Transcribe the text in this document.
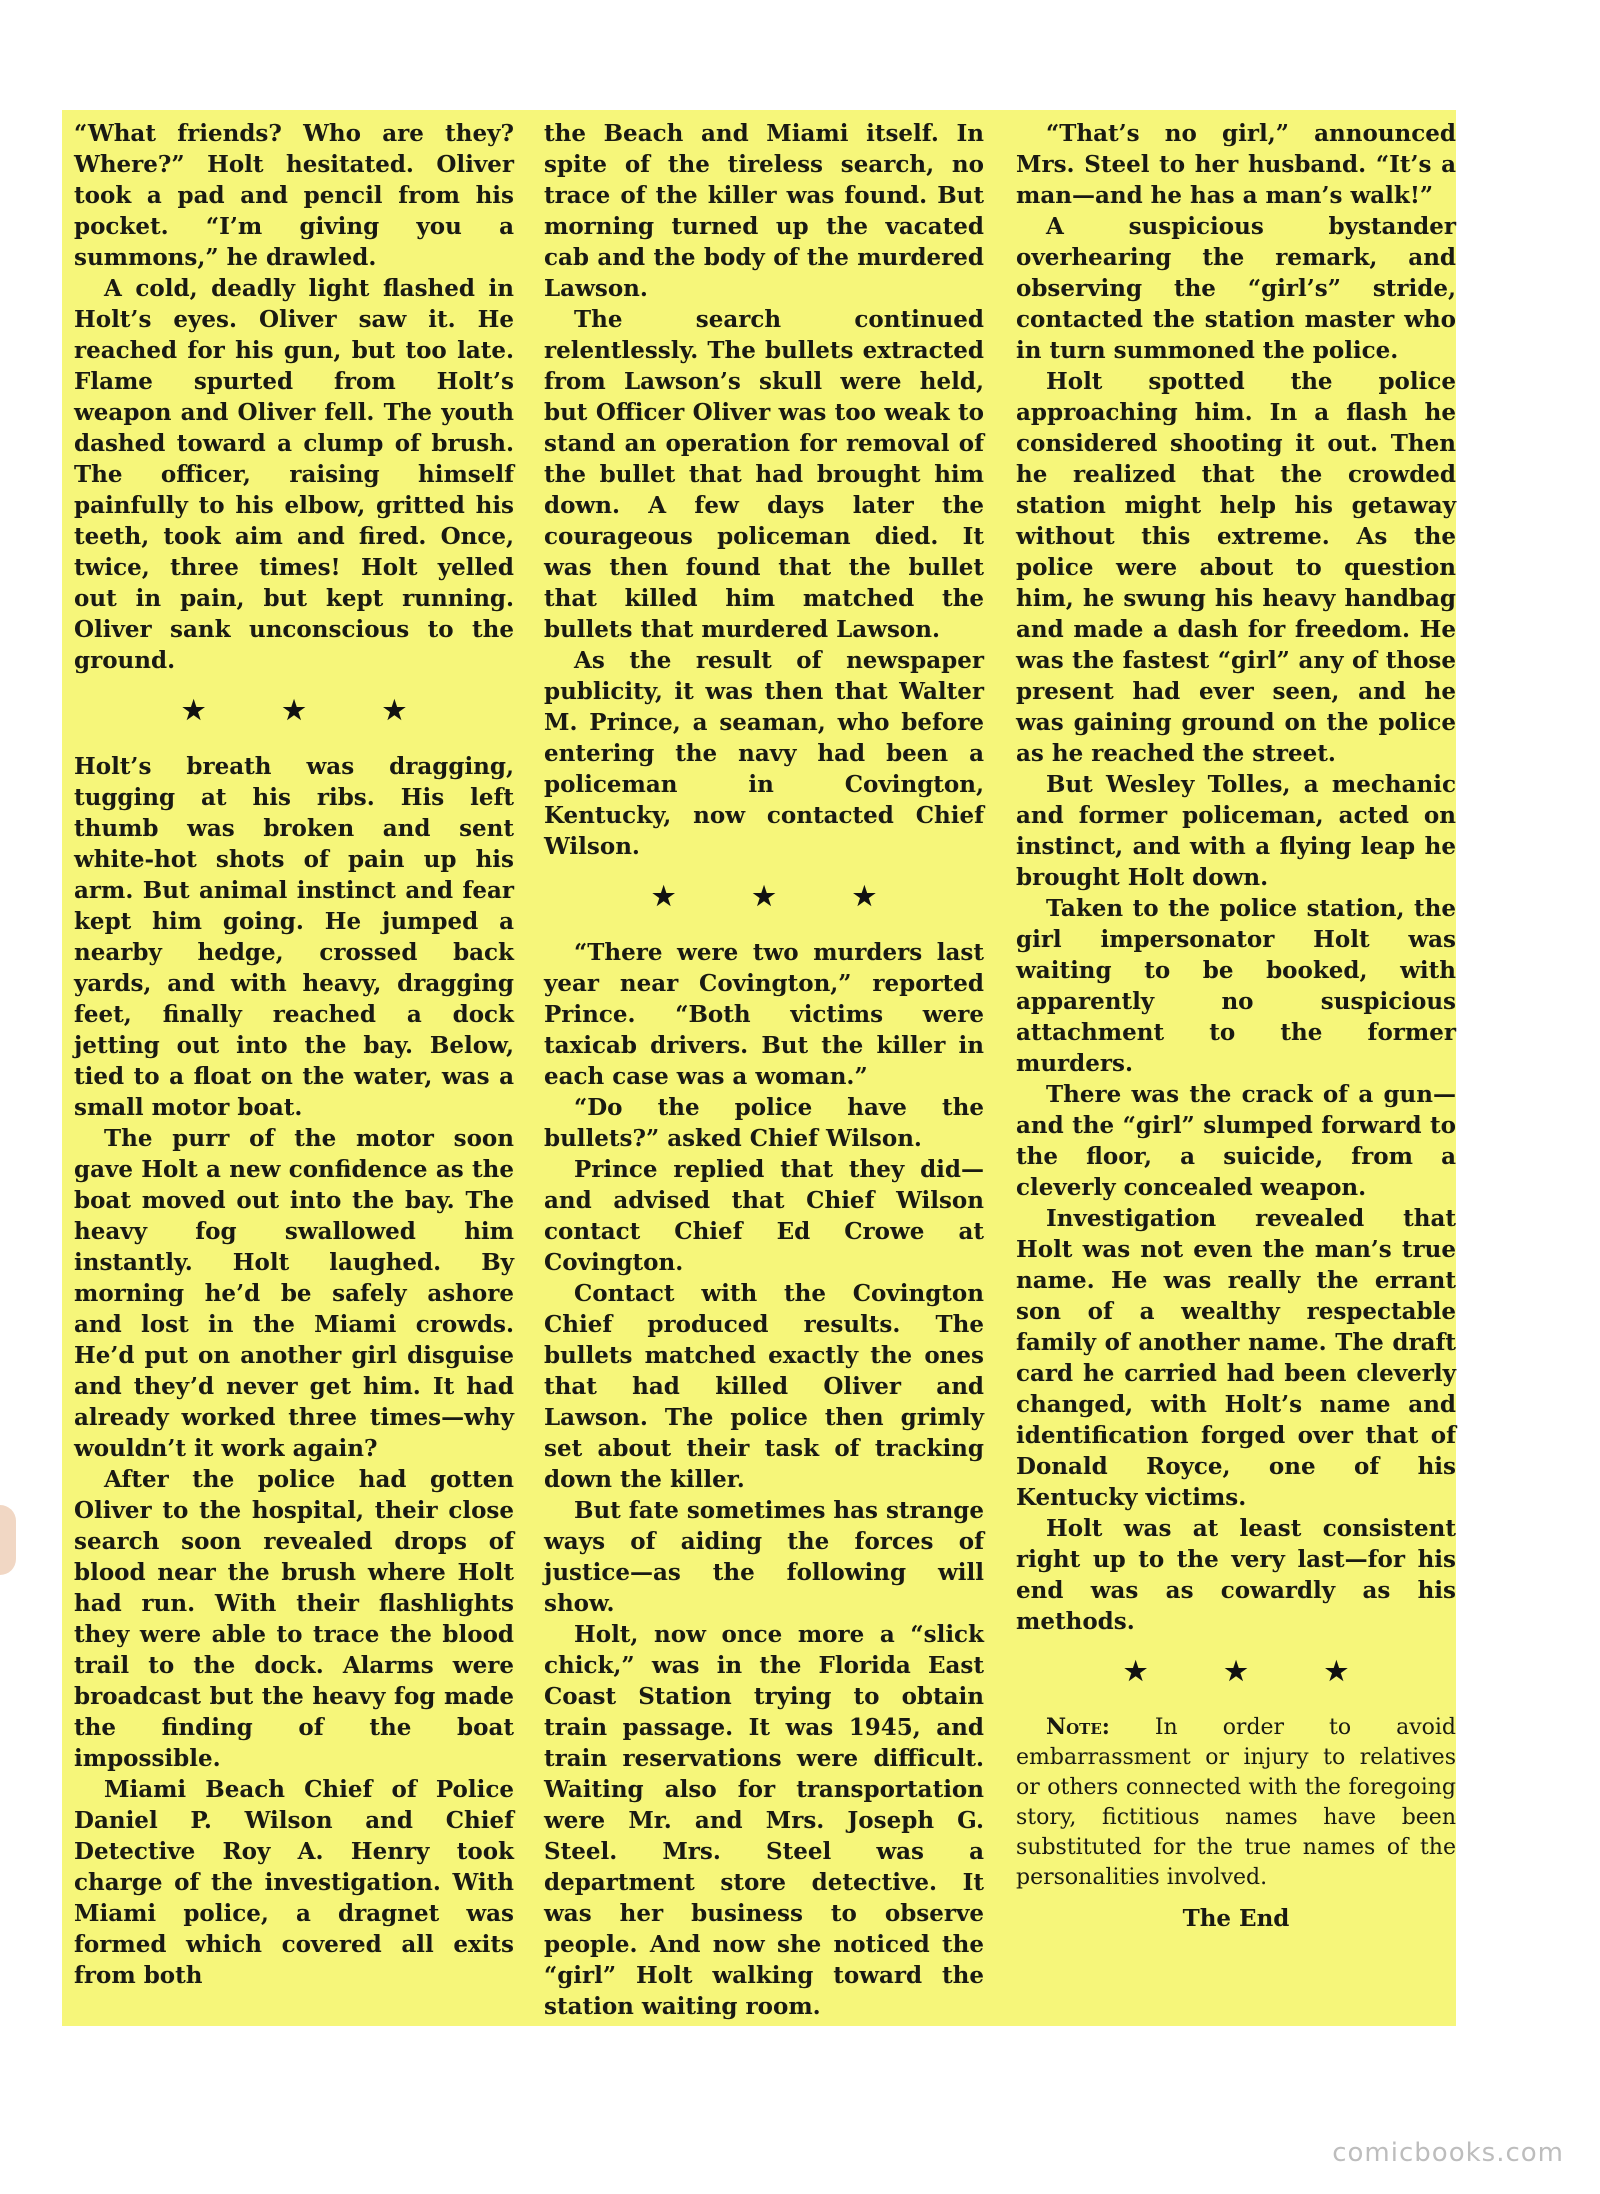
“What friends? Who are they? Where?” Holt hesitated. Oliver took a pad and pencil from his pocket. “I’m giving you a summons,” he drawled.

A cold, deadly light flashed in Holt’s eyes. Oliver saw it. He reached for his gun, but too late. Flame spurted from Holt’s weapon and Oliver fell. The youth dashed toward a clump of brush. The officer, raising himself painfully to his elbow, gritted his teeth, took aim and fired. Once, twice, three times! Holt yelled out in pain, but kept running. Oliver sank unconscious to the ground.

★ ★ ★

Holt’s breath was dragging, tugging at his ribs. His left thumb was broken and sent white-hot shots of pain up his arm. But animal instinct and fear kept him going. He jumped a nearby hedge, crossed back yards, and with heavy, dragging feet, finally reached a dock jetting out into the bay. Below, tied to a float on the water, was a small motor boat.

The purr of the motor soon gave Holt a new confidence as the boat moved out into the bay. The heavy fog swallowed him instantly. Holt laughed. By morning he’d be safely ashore and lost in the Miami crowds. He’d put on another girl disguise and they’d never get him. It had already worked three times—why wouldn’t it work again?

After the police had gotten Oliver to the hospital, their close search soon revealed drops of blood near the brush where Holt had run. With their flashlights they were able to trace the blood trail to the dock. Alarms were broadcast but the heavy fog made the finding of the boat impossible.

Miami Beach Chief of Police Daniel P. Wilson and Chief Detective Roy A. Henry took charge of the investigation. With Miami police, a dragnet was formed which covered all exits from both

the Beach and Miami itself. In spite of the tireless search, no trace of the killer was found. But morning turned up the vacated cab and the body of the murdered Lawson.

The search continued relentlessly. The bullets extracted from Lawson’s skull were held, but Officer Oliver was too weak to stand an operation for removal of the bullet that had brought him down. A few days later the courageous policeman died. It was then found that the bullet that killed him matched the bullets that murdered Lawson.

As the result of newspaper publicity, it was then that Walter M. Prince, a seaman, who before entering the navy had been a policeman in Covington, Kentucky, now contacted Chief Wilson.

★ ★ ★

“There were two murders last year near Covington,” reported Prince. “Both victims were taxicab drivers. But the killer in each case was a woman.”

“Do the police have the bullets?” asked Chief Wilson.

Prince replied that they did—and advised that Chief Wilson contact Chief Ed Crowe at Covington.

Contact with the Covington Chief produced results. The bullets matched exactly the ones that had killed Oliver and Lawson. The police then grimly set about their task of tracking down the killer.

But fate sometimes has strange ways of aiding the forces of justice—as the following will show.

Holt, now once more a “slick chick,” was in the Florida East Coast Station trying to obtain train passage. It was 1945, and train reservations were difficult. Waiting also for transportation were Mr. and Mrs. Joseph G. Steel. Mrs. Steel was a department store detective. It was her business to observe people. And now she noticed the “girl” Holt walking toward the station waiting room.

“That’s no girl,” announced Mrs. Steel to her husband. “It’s a man—and he has a man’s walk!”

A suspicious bystander overhearing the remark, and observing the “girl’s” stride, contacted the station master who in turn summoned the police.

Holt spotted the police approaching him. In a flash he considered shooting it out. Then he realized that the crowded station might help his getaway without this extreme. As the police were about to question him, he swung his heavy handbag and made a dash for freedom. He was the fastest “girl” any of those present had ever seen, and he was gaining ground on the police as he reached the street.

But Wesley Tolles, a mechanic and former policeman, acted on instinct, and with a flying leap he brought Holt down.

Taken to the police station, the girl impersonator Holt was waiting to be booked, with apparently no suspicious attachment to the former murders.

There was the crack of a gun—and the “girl” slumped forward to the floor, a suicide, from a cleverly concealed weapon.

Investigation revealed that Holt was not even the man’s true name. He was really the errant son of a wealthy respectable family of another name. The draft card he carried had been cleverly changed, with Holt’s name and identification forged over that of Donald Royce, one of his Kentucky victims.

Holt was at least consistent right up to the very last—for his end was as cowardly as his methods.

★ ★ ★

Note: In order to avoid embarrassment or injury to relatives or others connected with the foregoing story, fictitious names have been substituted for the true names of the personalities involved.

The End
comicbooks.com
